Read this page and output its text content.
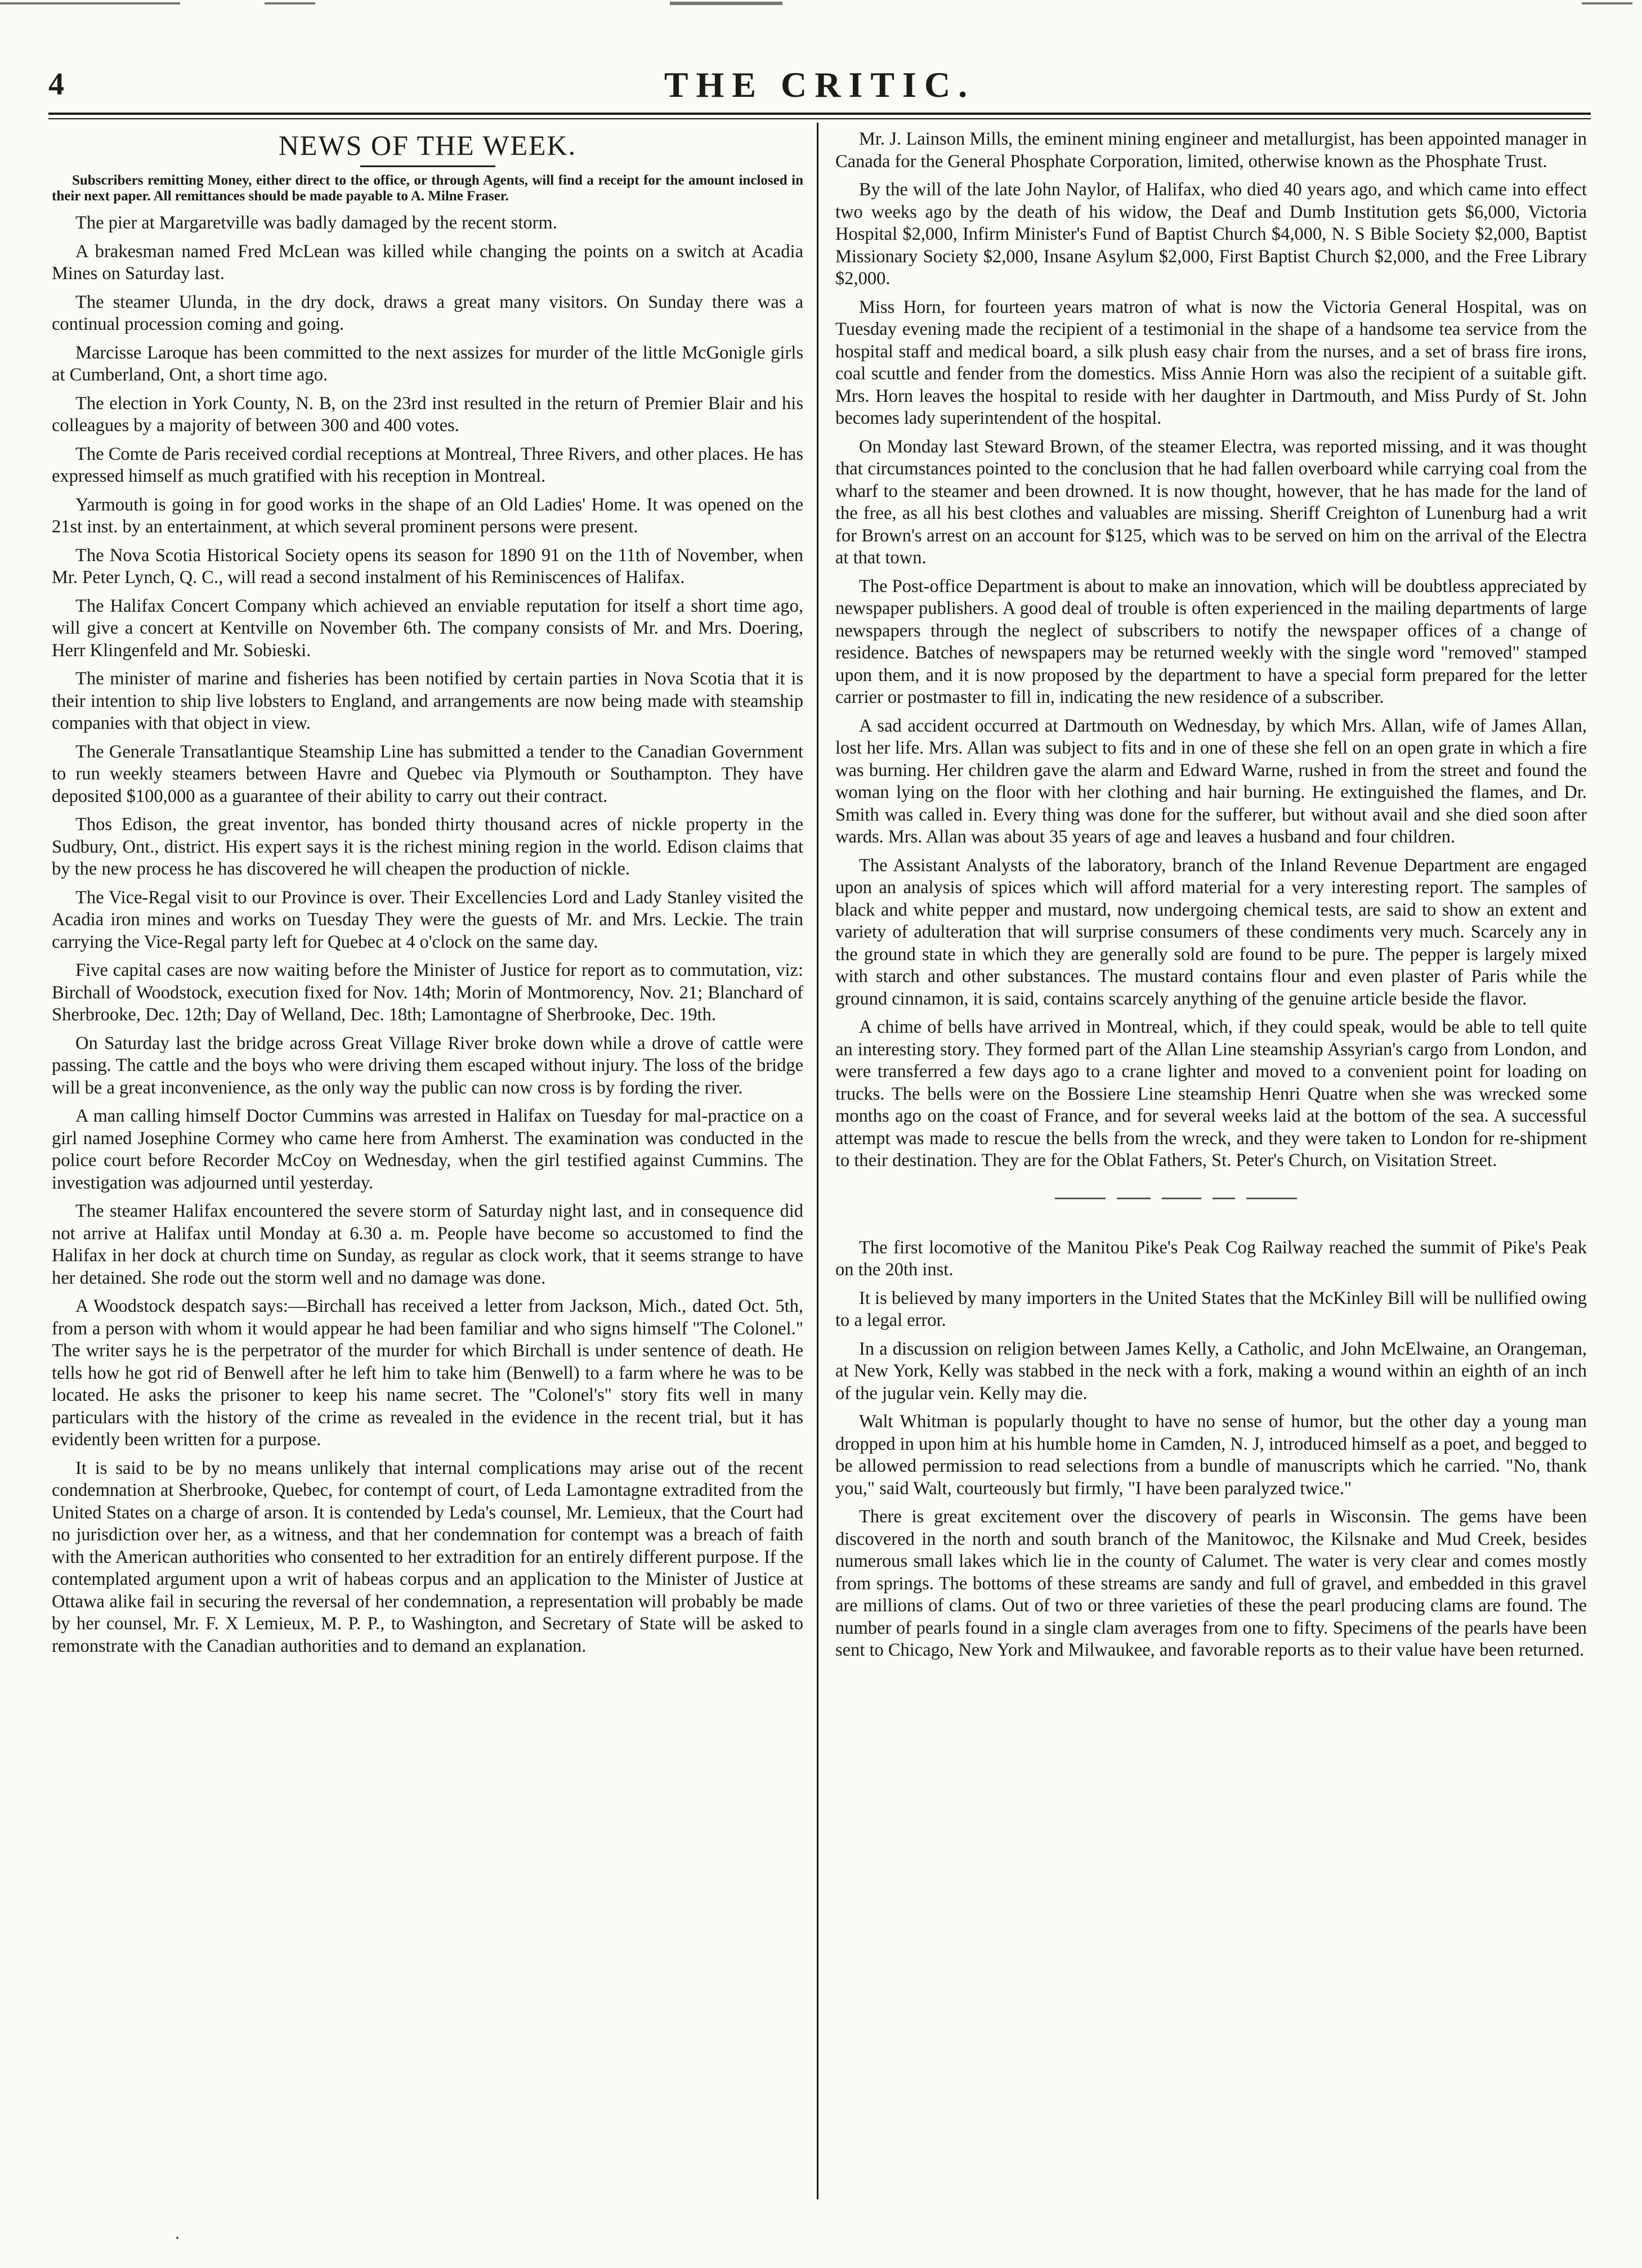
4	THE CRITIC.
NEWS OF THE WEEK.
Subscribers remitting Money, either direct to the office, or through Agents, will find a receipt for the amount inclosed in their next paper. All remittances should be made payable to A. Milne Fraser.

The pier at Margaretville was badly damaged by the recent storm.

A brakesman named Fred McLean was killed while changing the points on a switch at Acadia Mines on Saturday last.

The steamer Ulunda, in the dry dock, draws a great many visitors. On Sunday there was a continual procession coming and going.

Marcisse Laroque has been committed to the next assizes for murder of the little McGonigle girls at Cumberland, Ont, a short time ago.

The election in York County, N. B, on the 23rd inst resulted in the return of Premier Blair and his colleagues by a majority of between 300 and 400 votes.

The Comte de Paris received cordial receptions at Montreal, Three Rivers, and other places. He has expressed himself as much gratified with his reception in Montreal.

Yarmouth is going in for good works in the shape of an Old Ladies' Home. It was opened on the 21st inst. by an entertainment, at which several prominent persons were present.

The Nova Scotia Historical Society opens its season for 1890 91 on the 11th of November, when Mr. Peter Lynch, Q. C., will read a second instalment of his Reminiscences of Halifax.

The Halifax Concert Company which achieved an enviable reputation for itself a short time ago, will give a concert at Kentville on November 6th. The company consists of Mr. and Mrs. Doering, Herr Klingenfeld and Mr. Sobieski.

The minister of marine and fisheries has been notified by certain parties in Nova Scotia that it is their intention to ship live lobsters to England, and arrangements are now being made with steamship companies with that object in view.

The Generale Transatlantique Steamship Line has submitted a tender to the Canadian Government to run weekly steamers between Havre and Quebec via Plymouth or Southampton. They have deposited $100,000 as a guarantee of their ability to carry out their contract.

Thos Edison, the great inventor, has bonded thirty thousand acres of nickle property in the Sudbury, Ont., district. His expert says it is the richest mining region in the world. Edison claims that by the new process he has discovered he will cheapen the production of nickle.

The Vice-Regal visit to our Province is over. Their Excellencies Lord and Lady Stanley visited the Acadia iron mines and works on Tuesday They were the guests of Mr. and Mrs. Leckie. The train carrying the Vice-Regal party left for Quebec at 4 o'clock on the same day.

Five capital cases are now waiting before the Minister of Justice for report as to commutation, viz: Birchall of Woodstock, execution fixed for Nov. 14th; Morin of Montmorency, Nov. 21; Blanchard of Sherbrooke, Dec. 12th; Day of Welland, Dec. 18th; Lamontagne of Sherbrooke, Dec. 19th.

On Saturday last the bridge across Great Village River broke down while a drove of cattle were passing. The cattle and the boys who were driving them escaped without injury. The loss of the bridge will be a great inconvenience, as the only way the public can now cross is by fording the river.

A man calling himself Doctor Cummins was arrested in Halifax on Tuesday for mal-practice on a girl named Josephine Cormey who came here from Amherst. The examination was conducted in the police court before Recorder McCoy on Wednesday, when the girl testified against Cummins. The investigation was adjourned until yesterday.

The steamer Halifax encountered the severe storm of Saturday night last, and in consequence did not arrive at Halifax until Monday at 6.30 a. m. People have become so accustomed to find the Halifax in her dock at church time on Sunday, as regular as clock work, that it seems strange to have her detained. She rode out the storm well and no damage was done.

A Woodstock despatch says:—Birchall has received a letter from Jackson, Mich., dated Oct. 5th, from a person with whom it would appear he had been familiar and who signs himself "The Colonel." The writer says he is the perpetrator of the murder for which Birchall is under sentence of death. He tells how he got rid of Benwell after he left him to take him (Benwell) to a farm where he was to be located. He asks the prisoner to keep his name secret. The "Colonel's" story fits well in many particulars with the history of the crime as revealed in the evidence in the recent trial, but it has evidently been written for a purpose.

It is said to be by no means unlikely that internal complications may arise out of the recent condemnation at Sherbrooke, Quebec, for contempt of court, of Leda Lamontagne extradited from the United States on a charge of arson. It is contended by Leda's counsel, Mr. Lemieux, that the Court had no jurisdiction over her, as a witness, and that her condemnation for contempt was a breach of faith with the American authorities who consented to her extradition for an entirely different purpose. If the contemplated argument upon a writ of habeas corpus and an application to the Minister of Justice at Ottawa alike fail in securing the reversal of her condemnation, a representation will probably be made by her counsel, Mr. F. X Lemieux, M. P. P., to Washington, and Secretary of State will be asked to remonstrate with the Canadian authorities and to demand an explanation.

Mr. J. Lainson Mills, the eminent mining engineer and metallurgist, has been appointed manager in Canada for the General Phosphate Corporation, limited, otherwise known as the Phosphate Trust.

By the will of the late John Naylor, of Halifax, who died 40 years ago, and which came into effect two weeks ago by the death of his widow, the Deaf and Dumb Institution gets $6,000, Victoria Hospital $2,000, Infirm Minister's Fund of Baptist Church $4,000, N. S Bible Society $2,000, Baptist Missionary Society $2,000, Insane Asylum $2,000, First Baptist Church $2,000, and the Free Library $2,000.

Miss Horn, for fourteen years matron of what is now the Victoria General Hospital, was on Tuesday evening made the recipient of a testimonial in the shape of a handsome tea service from the hospital staff and medical board, a silk plush easy chair from the nurses, and a set of brass fire irons, coal scuttle and fender from the domestics. Miss Annie Horn was also the recipient of a suitable gift. Mrs. Horn leaves the hospital to reside with her daughter in Dartmouth, and Miss Purdy of St. John becomes lady superintendent of the hospital.

On Monday last Steward Brown, of the steamer Electra, was reported missing, and it was thought that circumstances pointed to the conclusion that he had fallen overboard while carrying coal from the wharf to the steamer and been drowned. It is now thought, however, that he has made for the land of the free, as all his best clothes and valuables are missing. Sheriff Creighton of Lunenburg had a writ for Brown's arrest on an account for $125, which was to be served on him on the arrival of the Electra at that town.

The Post-office Department is about to make an innovation, which will be doubtless appreciated by newspaper publishers. A good deal of trouble is often experienced in the mailing departments of large newspapers through the neglect of subscribers to notify the newspaper offices of a change of residence. Batches of newspapers may be returned weekly with the single word "removed" stamped upon them, and it is now proposed by the department to have a special form prepared for the letter carrier or postmaster to fill in, indicating the new residence of a subscriber.

A sad accident occurred at Dartmouth on Wednesday, by which Mrs. Allan, wife of James Allan, lost her life. Mrs. Allan was subject to fits and in one of these she fell on an open grate in which a fire was burning. Her children gave the alarm and Edward Warne, rushed in from the street and found the woman lying on the floor with her clothing and hair burning. He extinguished the flames, and Dr. Smith was called in. Every thing was done for the sufferer, but without avail and she died soon after wards. Mrs. Allan was about 35 years of age and leaves a husband and four children.

The Assistant Analysts of the laboratory, branch of the Inland Revenue Department are engaged upon an analysis of spices which will afford material for a very interesting report. The samples of black and white pepper and mustard, now undergoing chemical tests, are said to show an extent and variety of adulteration that will surprise consumers of these condiments very much. Scarcely any in the ground state in which they are generally sold are found to be pure. The pepper is largely mixed with starch and other substances. The mustard contains flour and even plaster of Paris while the ground cinnamon, it is said, contains scarcely anything of the genuine article beside the flavor.

A chime of bells have arrived in Montreal, which, if they could speak, would be able to tell quite an interesting story. They formed part of the Allan Line steamship Assyrian's cargo from London, and were transferred a few days ago to a crane lighter and moved to a convenient point for loading on trucks. The bells were on the Bossiere Line steamship Henri Quatre when she was wrecked some months ago on the coast of France, and for several weeks laid at the bottom of the sea. A successful attempt was made to rescue the bells from the wreck, and they were taken to London for re-shipment to their destination. They are for the Oblat Fathers, St. Peter's Church, on Visitation Street.

The first locomotive of the Manitou Pike's Peak Cog Railway reached the summit of Pike's Peak on the 20th inst.

It is believed by many importers in the United States that the McKinley Bill will be nullified owing to a legal error.

In a discussion on religion between James Kelly, a Catholic, and John McElwaine, an Orangeman, at New York, Kelly was stabbed in the neck with a fork, making a wound within an eighth of an inch of the jugular vein. Kelly may die.

Walt Whitman is popularly thought to have no sense of humor, but the other day a young man dropped in upon him at his humble home in Camden, N. J, introduced himself as a poet, and begged to be allowed permission to read selections from a bundle of manuscripts which he carried. "No, thank you," said Walt, courteously but firmly, "I have been paralyzed twice."

There is great excitement over the discovery of pearls in Wisconsin. The gems have been discovered in the north and south branch of the Manitowoc, the Kilsnake and Mud Creek, besides numerous small lakes which lie in the county of Calumet. The water is very clear and comes mostly from springs. The bottoms of these streams are sandy and full of gravel, and embedded in this gravel are millions of clams. Out of two or three varieties of these the pearl producing clams are found. The number of pearls found in a single clam averages from one to fifty. Specimens of the pearls have been sent to Chicago, New York and Milwaukee, and favorable reports as to their value have been returned.

·
